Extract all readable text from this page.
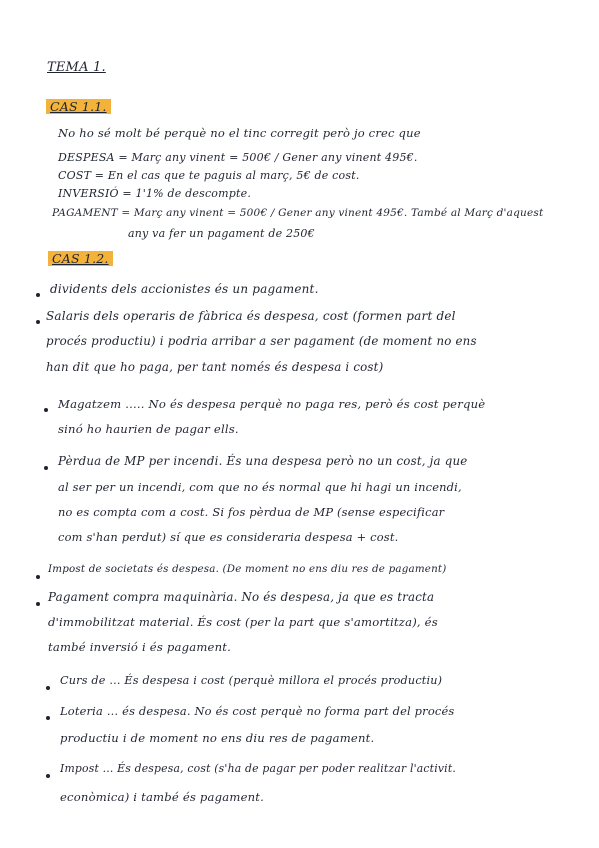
TEMA 1.
CAS 1.1.
No ho sé molt bé perquè no el tinc corregit però jo crec que
DESPESA = Març any vinent = 500€ / Gener any vinent 495€.
COST = En el cas que te paguis al març, 5€ de cost.
INVERSIÓ = 1'1% de descompte.
PAGAMENT = Març any vinent = 500€ / Gener any vinent 495€. També al Març d'aquest
any va fer un pagament de 250€
CAS 1.2.
dividents dels accionistes és un pagament.
Salaris dels operaris de fàbrica és despesa, cost (formen part del
procés productiu) i podria arribar a ser pagament (de moment no ens
han dit que ho paga, per tant només és despesa i cost)
Magatzem ..... No és despesa perquè no paga res, però és cost perquè
sinó ho haurien de pagar ells.
Pèrdua de MP per incendi. És una despesa però no un cost, ja que
al ser per un incendi, com que no és normal que hi hagi un incendi,
no es compta com a cost. Si fos pèrdua de MP (sense especificar
com s'han perdut) sí que es consideraria despesa + cost.
Impost de societats és despesa. (De moment no ens diu res de pagament)
Pagament compra maquinària. No és despesa, ja que es tracta
d'immobilitzat material. És cost (per la part que s'amortitza), és
també inversió i és pagament.
Curs de ... És despesa i cost (perquè millora el procés productiu)
Loteria ... és despesa. No és cost perquè no forma part del procés
productiu i de moment no ens diu res de pagament.
Impost ... És despesa, cost (s'ha de pagar per poder realitzar l'activit.
econòmica) i també és pagament.
